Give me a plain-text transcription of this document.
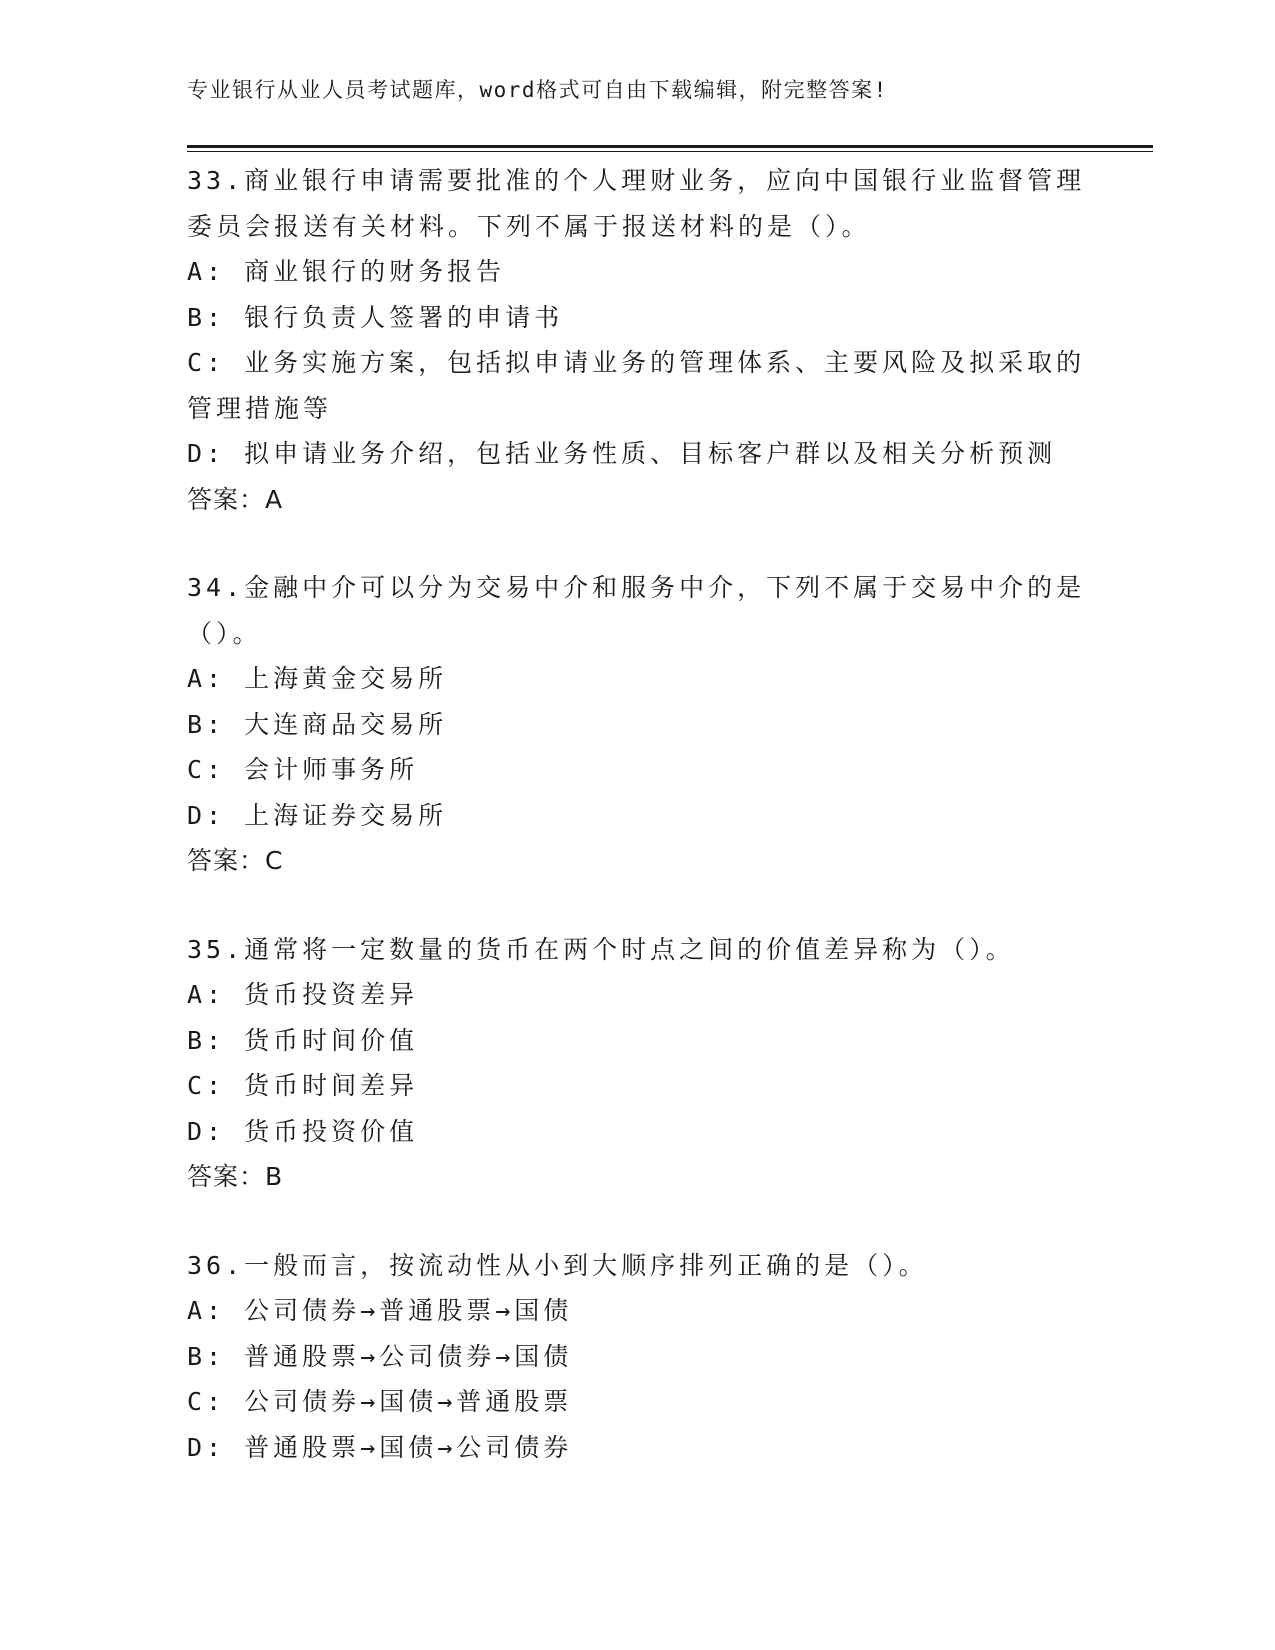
专业银行从业人员考试题库，word格式可自由下载编辑，附完整答案!
33.商业银行申请需要批准的个人理财业务，应向中国银行业监督管理
委员会报送有关材料。下列不属于报送材料的是（）。
A: 商业银行的财务报告
B: 银行负责人签署的申请书
C: 业务实施方案，包括拟申请业务的管理体系、主要风险及拟采取的
管理措施等
D: 拟申请业务介绍，包括业务性质、目标客户群以及相关分析预测
答案：A
34.金融中介可以分为交易中介和服务中介，下列不属于交易中介的是
（）。
A: 上海黄金交易所
B: 大连商品交易所
C: 会计师事务所
D: 上海证券交易所
答案：C
35.通常将一定数量的货币在两个时点之间的价值差异称为（）。
A: 货币投资差异
B: 货币时间价值
C: 货币时间差异
D: 货币投资价值
答案：B
36.一般而言，按流动性从小到大顺序排列正确的是（）。
A: 公司债券→普通股票→国债
B: 普通股票→公司债券→国债
C: 公司债券→国债→普通股票
D: 普通股票→国债→公司债券
